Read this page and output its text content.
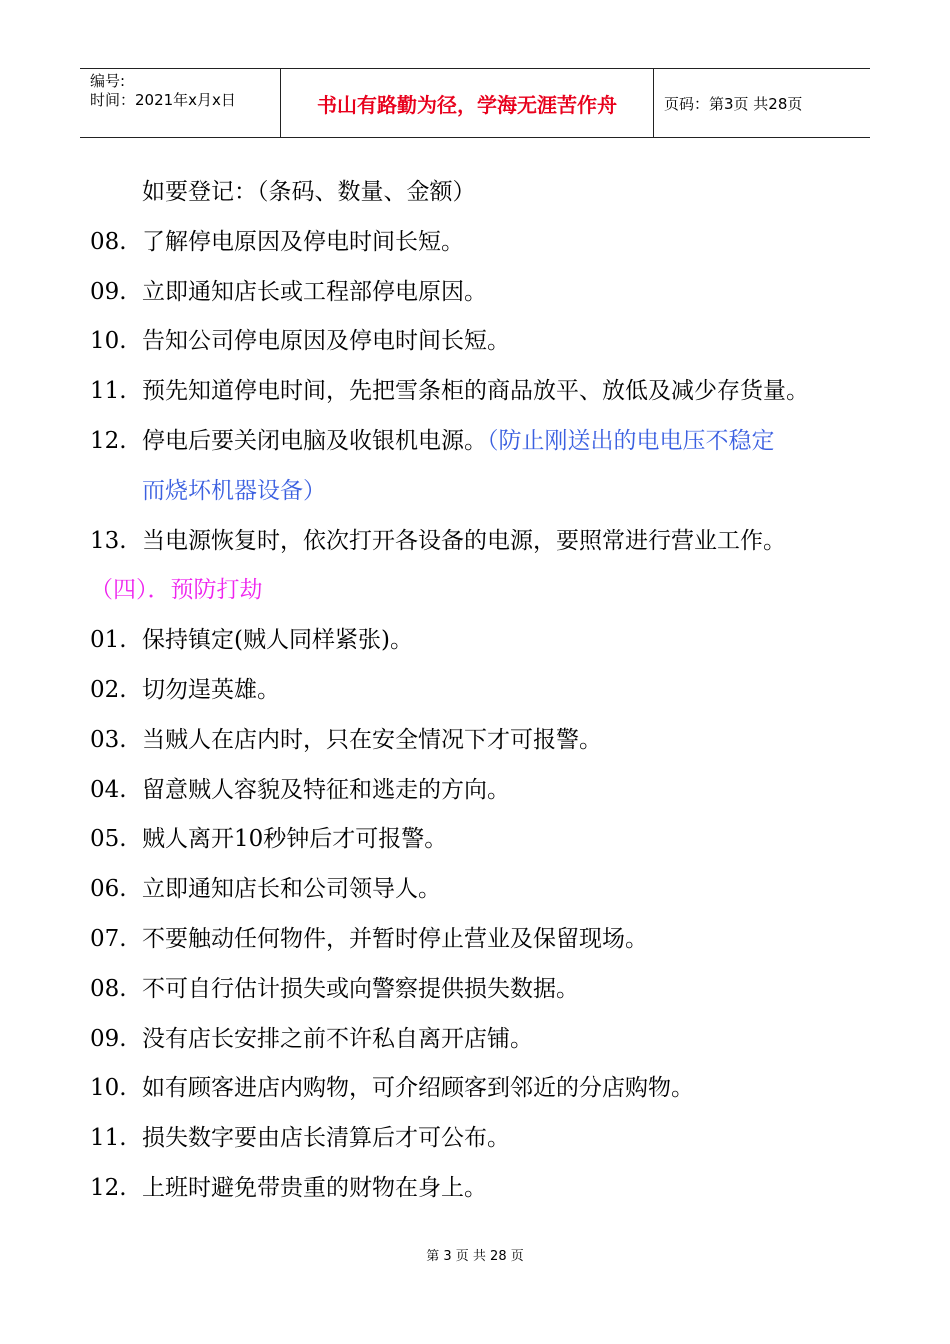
编号:
时间：2021年x月x日	书山有路勤为径，学海无涯苦作舟	页码：第3页 共28页
如要登记：（条码、数量、金额）
08. 了解停电原因及停电时间长短。
09. 立即通知店长或工程部停电原因。
10. 告知公司停电原因及停电时间长短。
11. 预先知道停电时间，先把雪条柜的商品放平、放低及减少存货量。
12. 停电后要关闭电脑及收银机电源。（防止刚送出的电电压不稳定
而烧坏机器设备）
13. 当电源恢复时，依次打开各设备的电源，要照常进行营业工作。
（四）．预防打劫
01. 保持镇定(贼人同样紧张)。
02. 切勿逞英雄。
03. 当贼人在店内时，只在安全情况下才可报警。
04. 留意贼人容貌及特征和逃走的方向。
05. 贼人离开10秒钟后才可报警。
06. 立即通知店长和公司领导人。
07. 不要触动任何物件，并暂时停止营业及保留现场。
08. 不可自行估计损失或向警察提供损失数据。
09. 没有店长安排之前不许私自离开店铺。
10. 如有顾客进店内购物，可介绍顾客到邻近的分店购物。
11. 损失数字要由店长清算后才可公布。
12. 上班时避免带贵重的财物在身上。
第 3 页 共 28 页
